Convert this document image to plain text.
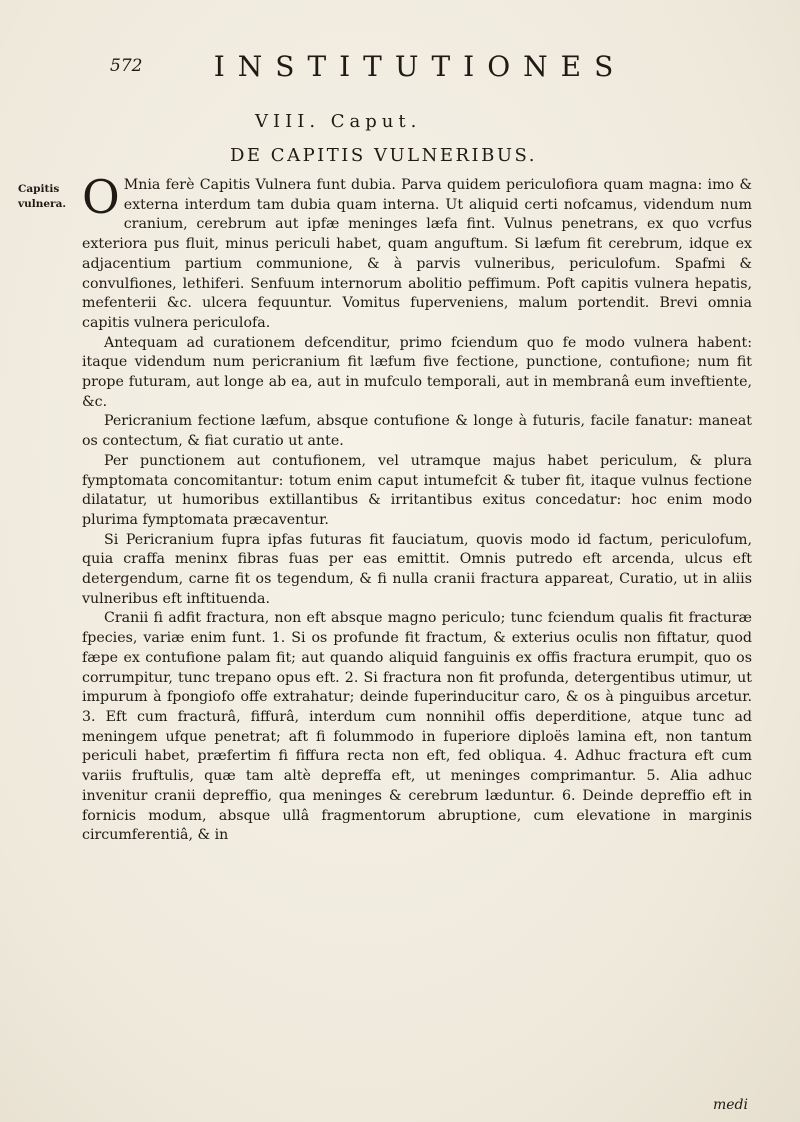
572	INSTITUTIONES
VIII. Caput.
DE CAPITIS VULNERIBUS.
Capitis vulnera. O Mnia ferè Capitis Vulnera funt dubia. Parva quidem periculofiora quam magna: imo & externa interdum tam dubia quam interna. Ut aliquid certi nofcamus, videndum num cranium, cerebrum aut ipfæ meninges læfa fint. Vulnus penetrans, ex quo vcrfus exteriora pus fluit, minus periculi habet, quam anguftum. Si læfum fit cerebrum, idque ex adjacentium partium communione, & à parvis vulneribus, periculofum. Spafmi & convulfiones, lethiferi. Senfuum internorum abolitio peffimum. Poft capitis vulnera hepatis, mefenterii &c. ulcera fequuntur. Vomitus fuperveniens, malum portendit. Brevi omnia capitis vulnera periculofa.

Antequam ad curationem defcenditur, primo fciendum quo fe modo vulnera habent: itaque videndum num pericranium fit læfum five fectione, punctione, contufione; num fit prope futuram, aut longe ab ea, aut in mufculo temporali, aut in membranâ eum inveftiente, &c.

Pericranium fectione læfum, absque contufione & longe à futuris, facile fanatur: maneat os contectum, & fiat curatio ut ante.

Per punctionem aut contufionem, vel utramque majus habet periculum, & plura fymptomata concomitantur: totum enim caput intumefcit & tuber fit, itaque vulnus fectione dilatatur, ut humoribus extillantibus & irritantibus exitus concedatur: hoc enim modo plurima fymptomata præcaventur.

Si Pericranium fupra ipfas futuras fit fauciatum, quovis modo id factum, periculofum, quia craffa meninx fibras fuas per eas emittit. Omnis putredo eft arcenda, ulcus eft detergendum, carne fit os tegendum, & fi nulla cranii fractura appareat, Curatio, ut in aliis vulneribus eft inftituenda.

Cranii fi adfit fractura, non eft absque magno periculo; tunc fciendum qualis fit fracturæ fpecies, variæ enim funt. 1. Si os profunde fit fractum, & exterius oculis non fiftatur, quod fæpe ex contufione palam fit; aut quando aliquid fanguinis ex offis fractura erumpit, quo os corrumpitur, tunc trepano opus eft. 2. Si fractura non fit profunda, detergentibus utimur, ut impurum à fpongiofo offe extrahatur; deinde fuperinducitur caro, & os à pinguibus arcetur. 3. Eft cum fracturâ, fiffurâ, interdum cum nonnihil offis deperditione, atque tunc ad meningem ufque penetrat; aft fi folummodo in fuperiore diploës lamina eft, non tantum periculi habet, præfertim fi fiffura recta non eft, fed obliqua. 4. Adhuc fractura eft cum variis fruftulis, quæ tam altè depreffa eft, ut meninges comprimantur. 5. Alia adhuc invenitur cranii depreffio, qua meninges & cerebrum læduntur. 6. Deinde depreffio eft in fornicis modum, absque ullâ fragmentorum abruptione, cum elevatione in marginis circumferentiâ, & in

medi
